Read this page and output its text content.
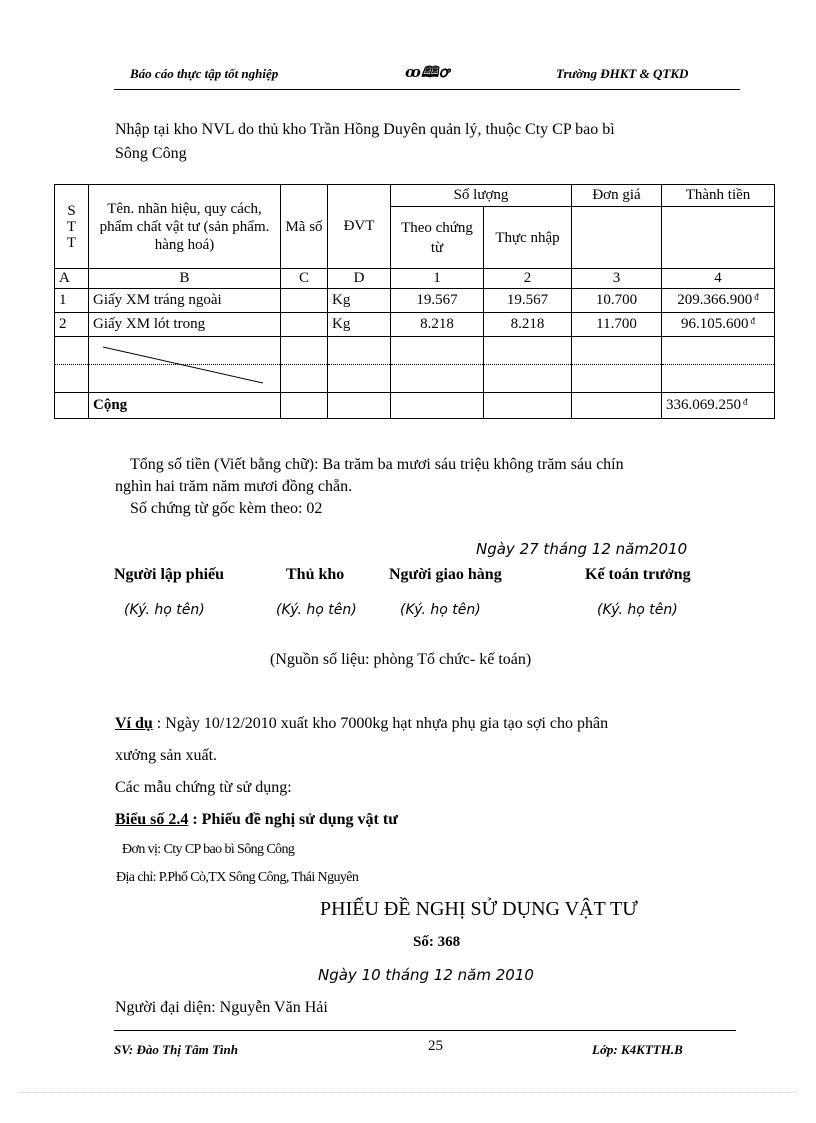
Báo cáo thực tập tốt nghiệp	ꝏ🕮ꝍ	Trường ĐHKT & QTKD
Nhập tại kho NVL do thủ kho Trần Hồng Duyên quản lý, thuộc Cty CP bao bì
Sông Công
S
T
T	Tên. nhãn hiệu, quy cách, phẩm chất vật tư (sản phẩm. hàng hoá)	Mã số	ĐVT	Số lượng		Đơn giá	Thành tiền
				Theo chứng từ	Thực nhập		
A	B	C	D	1	2	3	4
1	Giấy XM tráng ngoài		Kg	19.567	19.567	10.700	209.366.900 $^đ$
2	Giấy XM lót trong		Kg	8.218	8.218	11.700	96.105.600 $^đ$

	Cộng						336.069.250 $^đ$
Tổng số tiền (Viết bằng chữ): Ba trăm ba mươi sáu triệu không trăm sáu chín
nghìn hai trăm năm mươi đồng chẵn.
Số chứng từ gốc kèm theo: 02
Ngày 27 tháng 12 năm2010
Người lập phiếu	Thủ kho	Người giao hàng	Kế toán trưởng
(Ký. họ tên)	(Ký. họ tên)	(Ký. họ tên)	(Ký. họ tên)
(Nguồn số liệu: phòng Tổ chức- kế toán)
Ví dụ : Ngày 10/12/2010 xuất kho 7000kg hạt nhựa phụ gia tạo sợi cho phân
xưởng sản xuất.
Các mẫu chứng từ sử dụng:
Biểu số 2.4 : Phiếu đề nghị sử dụng vật tư
Đơn vị: Cty CP bao bì Sông Công
Địa chỉ: P.Phố Cò,TX Sông Công, Thái Nguyên
PHIẾU ĐỀ NGHỊ SỬ DỤNG VẬT TƯ
Số: 368
Ngày 10 tháng 12 năm 2010
Người đại diện: Nguyễn Văn Hải
SV: Đào Thị Tâm Tình	25	Lớp: K4KTTH.B
